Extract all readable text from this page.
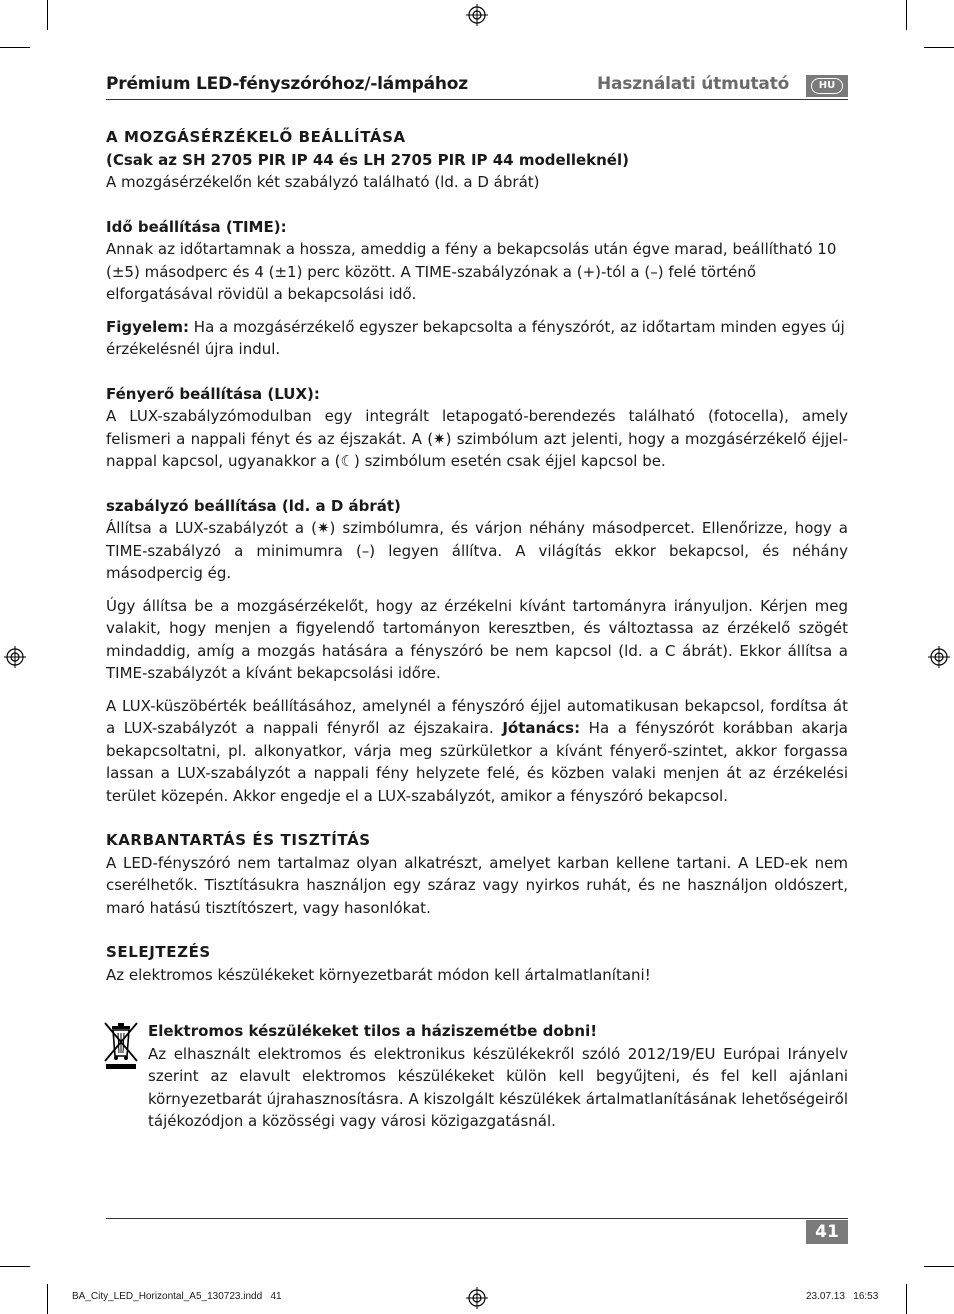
Prémium LED-fényszóróhoz/-lámpához	Használati útmutató	HU

A MOZGÁSÉRZÉKELŐ BEÁLLÍTÁSA

(Csak az SH 2705 PIR IP 44 és LH 2705 PIR IP 44 modelleknél)

A mozgásérzékelőn két szabályzó található (ld. a D ábrát)

Idő beállítása (TIME):

Annak az időtartamnak a hossza, ameddig a fény a bekapcsolás után égve marad, beállítható 10 (±5) másodperc és 4 (±1) perc között. A TIME-szabályzónak a (+)-tól a (–) felé történő elforgatásával rövidül a bekapcsolási idő.

Figyelem: Ha a mozgásérzékelő egyszer bekapcsolta a fényszórót, az időtartam minden egyes új érzékelésnél újra indul.

Fényerő beállítása (LUX):

A LUX-szabályzómodulban egy integrált letapogató-berendezés található (fotocella), amely felismeri a nappali fényt és az éjszakát. A (✷) szimbólum azt jelenti, hogy a mozgásérzékelő éjjel-nappal kapcsol, ugyanakkor a (☾) szimbólum esetén csak éjjel kapcsol be.

szabályzó beállítása (ld. a D ábrát)

Állítsa a LUX-szabályzót a (✷) szimbólumra, és várjon néhány másodpercet. Ellenőrizze, hogy a TIME-szabályzó a minimumra (–) legyen állítva. A világítás ekkor bekapcsol, és néhány másodpercig ég.

Úgy állítsa be a mozgásérzékelőt, hogy az érzékelni kívánt tartományra irányuljon. Kérjen meg valakit, hogy menjen a figyelendő tartományon keresztben, és változtassa az érzékelő szögét mindaddig, amíg a mozgás hatására a fényszóró be nem kapcsol (ld. a C ábrát). Ekkor állítsa a TIME-szabályzót a kívánt bekapcsolási időre.

A LUX-küszöbérték beállításához, amelynél a fényszóró éjjel automatikusan bekapcsol, fordítsa át a LUX-szabályzót a nappali fényről az éjszakaira. Jótanács: Ha a fényszórót korábban akarja bekapcsoltatni, pl. alkonyatkor, várja meg szürkületkor a kívánt fényerő-szintet, akkor forgassa lassan a LUX-szabályzót a nappali fény helyzete felé, és közben valaki menjen át az érzékelési terület közepén. Akkor engedje el a LUX-szabályzót, amikor a fényszóró bekapcsol.

KARBANTARTÁS ÉS TISZTÍTÁS

A LED-fényszóró nem tartalmaz olyan alkatrészt, amelyet karban kellene tartani. A LED-ek nem cserélhetők. Tisztításukra használjon egy száraz vagy nyirkos ruhát, és ne használjon oldószert, maró hatású tisztítószert, vagy hasonlókat.

SELEJTEZÉS

Az elektromos készülékeket környezetbarát módon kell ártalmatlanítani!

Elektromos készülékeket tilos a háziszemétbe dobni!

Az elhasznált elektromos és elektronikus készülékekről szóló 2012/19/EU Európai Irányelv szerint az elavult elektromos készülékeket külön kell begyűjteni, és fel kell ajánlani környezetbarát újrahasznosításra. A kiszolgált készülékek ártalmatlanításának lehetőségeiről tájékozódjon a közösségi vagy városi közigazgatásnál.

41
BA_City_LED_Horizontal_A5_130723.indd   41	23.07.13   16:53
